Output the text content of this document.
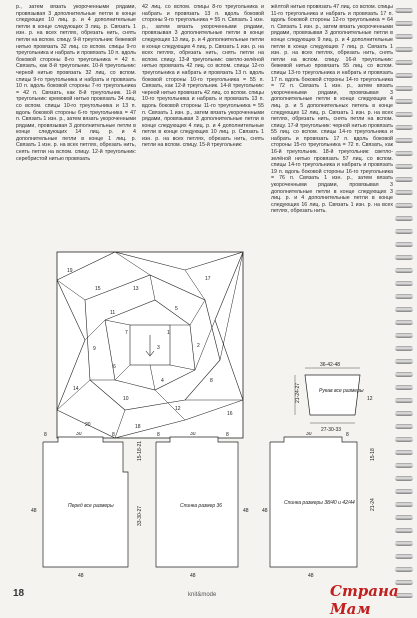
р., затем вязать укороченными рядами, провязывая 3 дополнительные петли в конце следующих 10 лиц. р. и 4 дополнительные петли в конце следующих 3 лиц. р. Связать 1 изн. р. на всех петлях, обрезать нить, снять петли на вспом. спицу. 9-й треугольник: бежевой нитью провязать 32 лиц. со вспом. спицы 9-го треугольника и набрать и провязать 10 п. вдоль боковой стороны 8-го треугольника = 42 п. Связать, как 8-й треугольник. 10-й треугольник: черной нитью провязать 32 лиц. со вспом. спицы 9-го треугольника и набрать и провязать 10 п. вдоль боковой стороны 7-го треугольника = 42 п. Связать, как 8-й треугольник. 11-й треугольник: кремовой нитью провязать 34 лиц. со вспом. спицы 10-го треугольника и 13 п. вдоль боковой стороны 6-го треугольника = 47 п. Связать 1 изн. р., затем вязать укороченными рядами, провязывая 3 дополнительные петли в конце следующих 14 лиц. р. и 4 дополнительные петли в конце 1 лиц. р. Связать 1 изн. р. на всех петлях, обрезать нить, снять петли на вспом. спицу. 12-й треугольник: серебристой нитью провязать

42 лиц. со вспом. спицы 8-го треугольника и набрать и провязать 13 п. вдоль боковой стороны 9-го треугольника = 55 п. Связать 1 изн. р., затем вязать укороченными рядами, провязывая 3 дополнительные петли в конце следующих 13 лиц. р. и 4 дополнительные петли в конце следующих 4 лиц. р. Связать 1 изн. р. на всех петлях, обрезать нить, снять петли на вспом. спицу. 13-й треугольник: светло-зелёной нитью провязать 42 лиц. со вспом. спицы 12-го треугольника и набрать и провязать 13 п. вдоль боковой стороны 10-го треугольника = 55 п. Связать, как 12-й треугольник. 14-й треугольник: черной нитью провязать 42 лиц. со вспом. спицы 10-го треугольника и набрать и провязать 13 п. вдоль боковой стороны 11-го треугольника = 55 п. Связать 1 изн. р., затем вязать укороченными рядами, провязывая 3 дополнительные петли в конце следующих 4 лиц. р. и 4 дополнительные петли в конце следующих 10 лиц. р. Связать 1 изн. р. на всех петлях, обрезать нить, снять петли на вспом. спицу. 15-й треугольник:

жёлтой нитью провязать 47 лиц. со вспом. спицы 11-го треугольника и набрать и провязать 17 п. вдоль боковой стороны 12-го треугольника = 64 п. Связать 1 изн. р., затем вязать укороченными рядами, провязывая 3 дополнительные петли в конце следующих 9 лиц. р. и 4 дополнительные петли в конце следующих 7 лиц. р. Связать 1 изн. р. на всех петлях, обрезать нить, снять петли на вспом. спицу. 16-й треугольник: бежевой нитью провязать 55 лиц. со вспом. спицы 13-го треугольника и набрать и провязать 17 п. вдоль боковой стороны 14-го треугольника = 72 п. Связать 1 изн. р., затем вязать укороченными рядами, провязывая 3 дополнительные петли в конце следующих 4 лиц. р. и 5 дополнительных петель в конце следующих 12 лиц. р. Связать 1 изн. р. на всех петлях, обрезать нить, снять петли на вспом. спицу. 17-й треугольник: черной нитью провязать 55 лиц. со вспом. спицы 14-го треугольника и набрать и провязать 17 п. вдоль боковой стороны 15-го треугольника = 72 п. Связать, как 16-й треугольник. 18-й треугольник: светло-зелёной нитью провязать 57 лиц. со вспом. спицы 14-го треугольника и набрать и провязать 19 п. вдоль боковой стороны 16-го треугольника = 76 п. Связать 1 изн. р., затем вязать укороченными рядами, провязывая 3 дополнительные петли в конце следующих 3 лиц. р. и 4 дополнительные петли в конце следующих 16 лиц. р. Связать 1 изн. р. на всех петлях, обрезать нить.

19
15
11
7
3
1
2
4	8
12
16
20
5
6
9
10
13
14
17
18
36-42-48
21-24-27
27-30-33
12
Рукав все размеры
8	30	8
48	33-30-27
15-18-21
48
Перед все размеры
8	30	8
48
48
Спинка размер 36
30	8
48	21-24
15-18
48
Спинка размеры 38/40 и 42/44
18	knit&mode	Страна Мам
